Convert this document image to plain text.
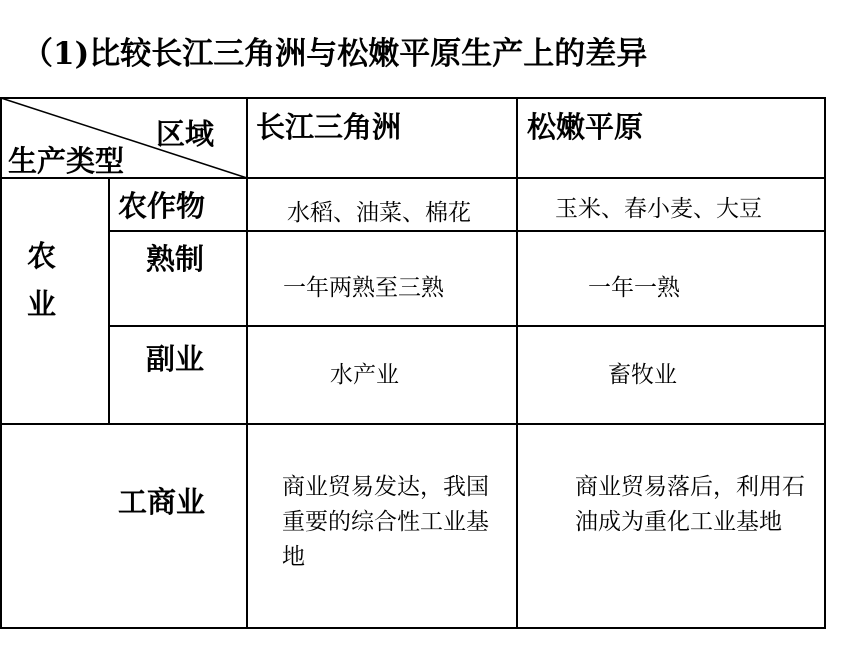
（1)比较长江三角洲与松嫩平原生产上的差异
区域
生产类型
长江三角洲	松嫩平原
农业
农作物
熟制
副业
工商业
水稻、油菜、棉花
一年两熟至三熟
水产业
商业贸易发达，我国重要的综合性工业基地
玉米、春小麦、大豆
一年一熟
畜牧业
商业贸易落后，利用石油成为重化工业基地
